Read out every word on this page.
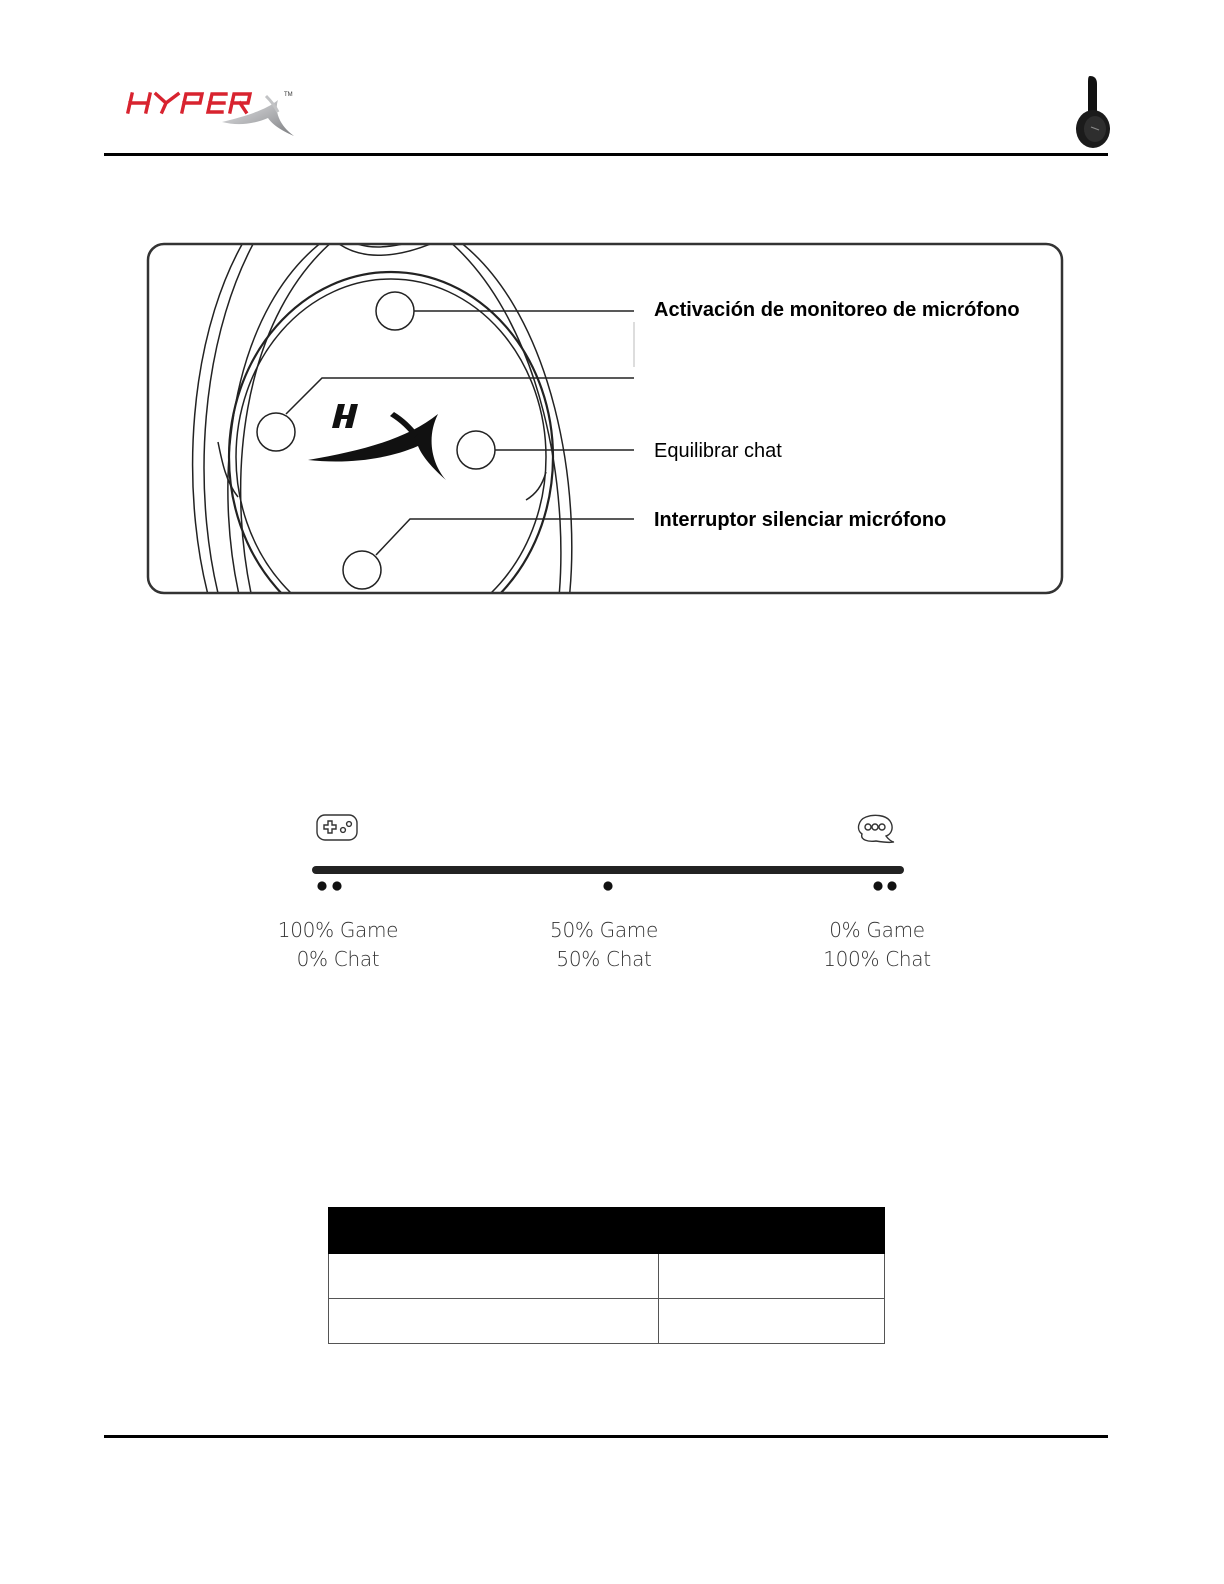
TM
Activación de monitoreo de micrófono
Equilibrar chat
Interruptor silenciar micrófono
100% Game
0% Chat
50% Game
50% Chat
0% Game
100% Chat
